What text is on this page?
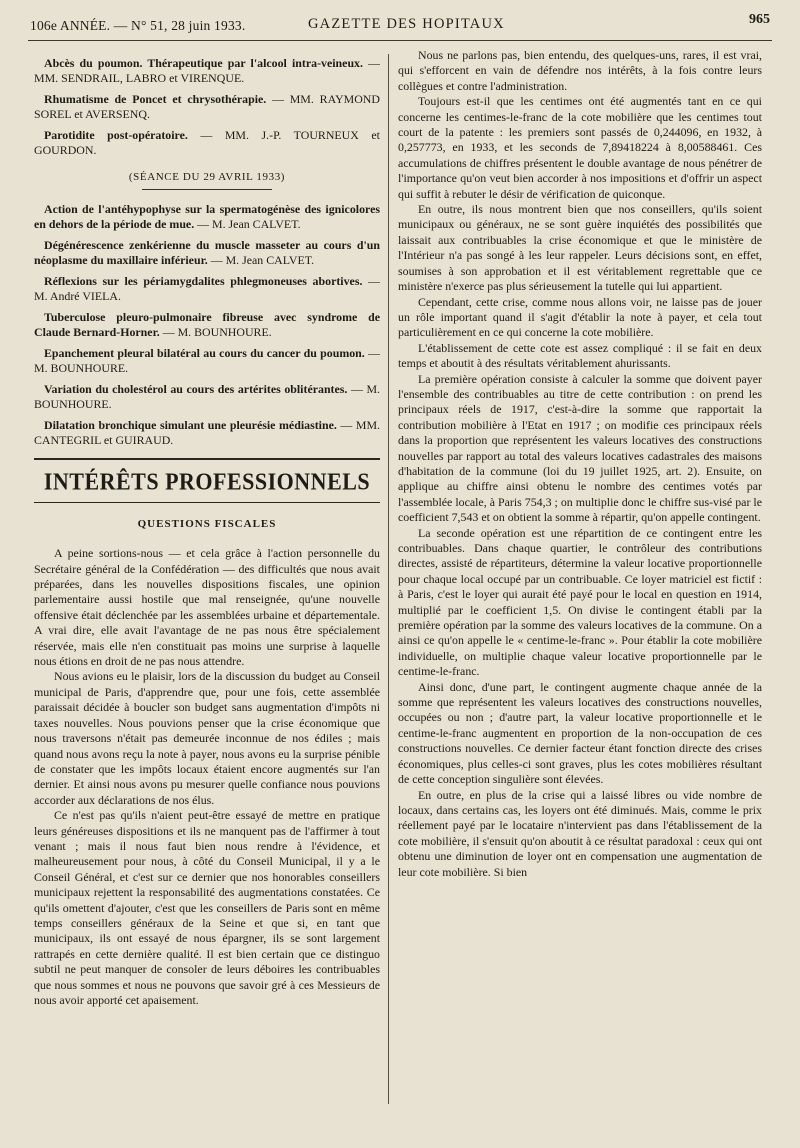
106e ANNÉE. — N° 51, 28 juin 1933.	GAZETTE DES HOPITAUX	965

Abcès du poumon. Thérapeutique par l'alcool intra-veineux. — MM. SENDRAIL, LABRO et VIRENQUE.

Rhumatisme de Poncet et chrysothérapie. — MM. RAYMOND SOREL et AVERSENQ.

Parotidite post-opératoire. — MM. J.-P. TOURNEUX et GOURDON.

(SÉANCE DU 29 AVRIL 1933)

Action de l'antéhypophyse sur la spermatogénèse des ignicolores en dehors de la période de mue. — M. Jean CALVET.

Dégénérescence zenkérienne du muscle masseter au cours d'un néoplasme du maxillaire inférieur. — M. Jean CALVET.

Réflexions sur les périamygdalites phlegmoneuses abortives. — M. André VIELA.

Tuberculose pleuro-pulmonaire fibreuse avec syndrome de Claude Bernard-Horner. — M. BOUNHOURE.

Epanchement pleural bilatéral au cours du cancer du poumon. — M. BOUNHOURE.

Variation du cholestérol au cours des artérites oblitérantes. — M. BOUNHOURE.

Dilatation bronchique simulant une pleurésie médiastine. — MM. CANTEGRIL et GUIRAUD.

INTÉRÊTS PROFESSIONNELS
QUESTIONS FISCALES

A peine sortions-nous — et cela grâce à l'action personnelle du Secrétaire général de la Confédération — des difficultés que nous avait préparées, dans les nouvelles dispositions fiscales, une opinion parlementaire aussi hostile que mal renseignée, qu'une nouvelle offensive était déclenchée par les assemblées urbaine et départementale. A vrai dire, elle avait l'avantage de ne pas nous être spécialement réservée, mais elle n'en constituait pas moins une surprise à laquelle nous étions en droit de ne pas nous attendre.

Nous avions eu le plaisir, lors de la discussion du budget au Conseil municipal de Paris, d'apprendre que, pour une fois, cette assemblée paraissait décidée à boucler son budget sans augmentation d'impôts ni taxes nouvelles. Nous pouvions penser que la crise économique que nous traversons n'était pas demeurée inconnue de nos édiles ; mais quand nous avons reçu la note à payer, nous avons eu la surprise pénible de constater que les impôts locaux étaient encore augmentés sur l'an dernier. Et ainsi nous avons pu mesurer quelle confiance nous pouvions accorder aux déclarations de nos élus.

Ce n'est pas qu'ils n'aient peut-être essayé de mettre en pratique leurs généreuses dispositions et ils ne manquent pas de l'affirmer à tout venant ; mais il nous faut bien nous rendre à l'évidence, et malheureusement pour nous, à côté du Conseil Municipal, il y a le Conseil Général, et c'est sur ce dernier que nos honorables conseillers municipaux rejettent la responsabilité des augmentations constatées. Ce qu'ils omettent d'ajouter, c'est que les conseillers de Paris sont en même temps conseillers généraux de la Seine et que si, en tant que municipaux, ils ont essayé de nous épargner, ils se sont largement rattrapés en cette dernière qualité. Il est bien certain que ce distinguo subtil ne peut manquer de consoler de leurs déboires les contribuables que nous sommes et nous ne pouvons que savoir gré à ces Messieurs de nous avoir apporté cet apaisement.

Nous ne parlons pas, bien entendu, des quelques-uns, rares, il est vrai, qui s'efforcent en vain de défendre nos intérêts, à la fois contre leurs collègues et contre l'administration.

Toujours est-il que les centimes ont été augmentés tant en ce qui concerne les centimes-le-franc de la cote mobilière que les centimes tout court de la patente : les premiers sont passés de 0,244096, en 1932, à 0,257773, en 1933, et les seconds de 7,89418224 à 8,00588461. Ces accumulations de chiffres présentent le double avantage de nous pénétrer de l'importance qu'on veut bien accorder à nos impositions et d'offrir un aspect qui suffit à rebuter le désir de vérification de quiconque.

En outre, ils nous montrent bien que nos conseillers, qu'ils soient municipaux ou généraux, ne se sont guère inquiétés des possibilités que laissait aux contribuables la crise économique et que le ministère de l'Intérieur n'a pas songé à les leur rappeler. Leurs décisions sont, en effet, soumises à son approbation et il est véritablement regrettable que ce ministère n'exerce pas plus sérieusement la tutelle qui lui appartient.

Cependant, cette crise, comme nous allons voir, ne laisse pas de jouer un rôle important quand il s'agit d'établir la note à payer, et cela tout particulièrement en ce qui concerne la cote mobilière.

L'établissement de cette cote est assez compliqué : il se fait en deux temps et aboutit à des résultats véritablement ahurissants.

La première opération consiste à calculer la somme que doivent payer l'ensemble des contribuables au titre de cette contribution : on prend les principaux réels de 1917, c'est-à-dire la somme que rapportait la contribution mobilière à l'Etat en 1917 ; on modifie ces principaux réels dans la proportion que représentent les valeurs locatives des constructions nouvelles par rapport au total des valeurs locatives cadastrales des maisons d'habitation de la commune (loi du 19 juillet 1925, art. 2). Ensuite, on applique au chiffre ainsi obtenu le nombre des centimes votés par l'assemblée locale, à Paris 754,3 ; on multiplie donc le chiffre sus-visé par le coefficient 7,543 et on obtient la somme à répartir, qu'on appelle contingent.

La seconde opération est une répartition de ce contingent entre les contribuables. Dans chaque quartier, le contrôleur des contributions directes, assisté de répartiteurs, détermine la valeur locative proportionnelle pour chaque local occupé par un contribuable. Ce loyer matriciel est fictif : à Paris, c'est le loyer qui aurait été payé pour le local en question en 1914, multiplié par le coefficient 1,5. On divise le contingent établi par la première opération par la somme des valeurs locatives de la commune. On a ainsi ce qu'on appelle le « centime-le-franc ». Pour établir la cote mobilière individuelle, on multiplie chaque valeur locative proportionnelle par le centime-le-franc.

Ainsi donc, d'une part, le contingent augmente chaque année de la somme que représentent les valeurs locatives des constructions nouvelles, occupées ou non ; d'autre part, la valeur locative proportionnelle et le centime-le-franc augmentent en proportion de la non-occupation de ces constructions nouvelles. Ce dernier facteur étant fonction directe des crises économiques, plus celles-ci sont graves, plus les cotes mobilières résultant de cette conception singulière sont élevées.

En outre, en plus de la crise qui a laissé libres ou vide nombre de locaux, dans certains cas, les loyers ont été diminués. Mais, comme le prix réellement payé par le locataire n'intervient pas dans l'établissement de la cote mobilière, il s'ensuit qu'on aboutit à ce résultat paradoxal : ceux qui ont obtenu une diminution de loyer ont en compensation une augmentation de leur cote mobilière. Si bien
